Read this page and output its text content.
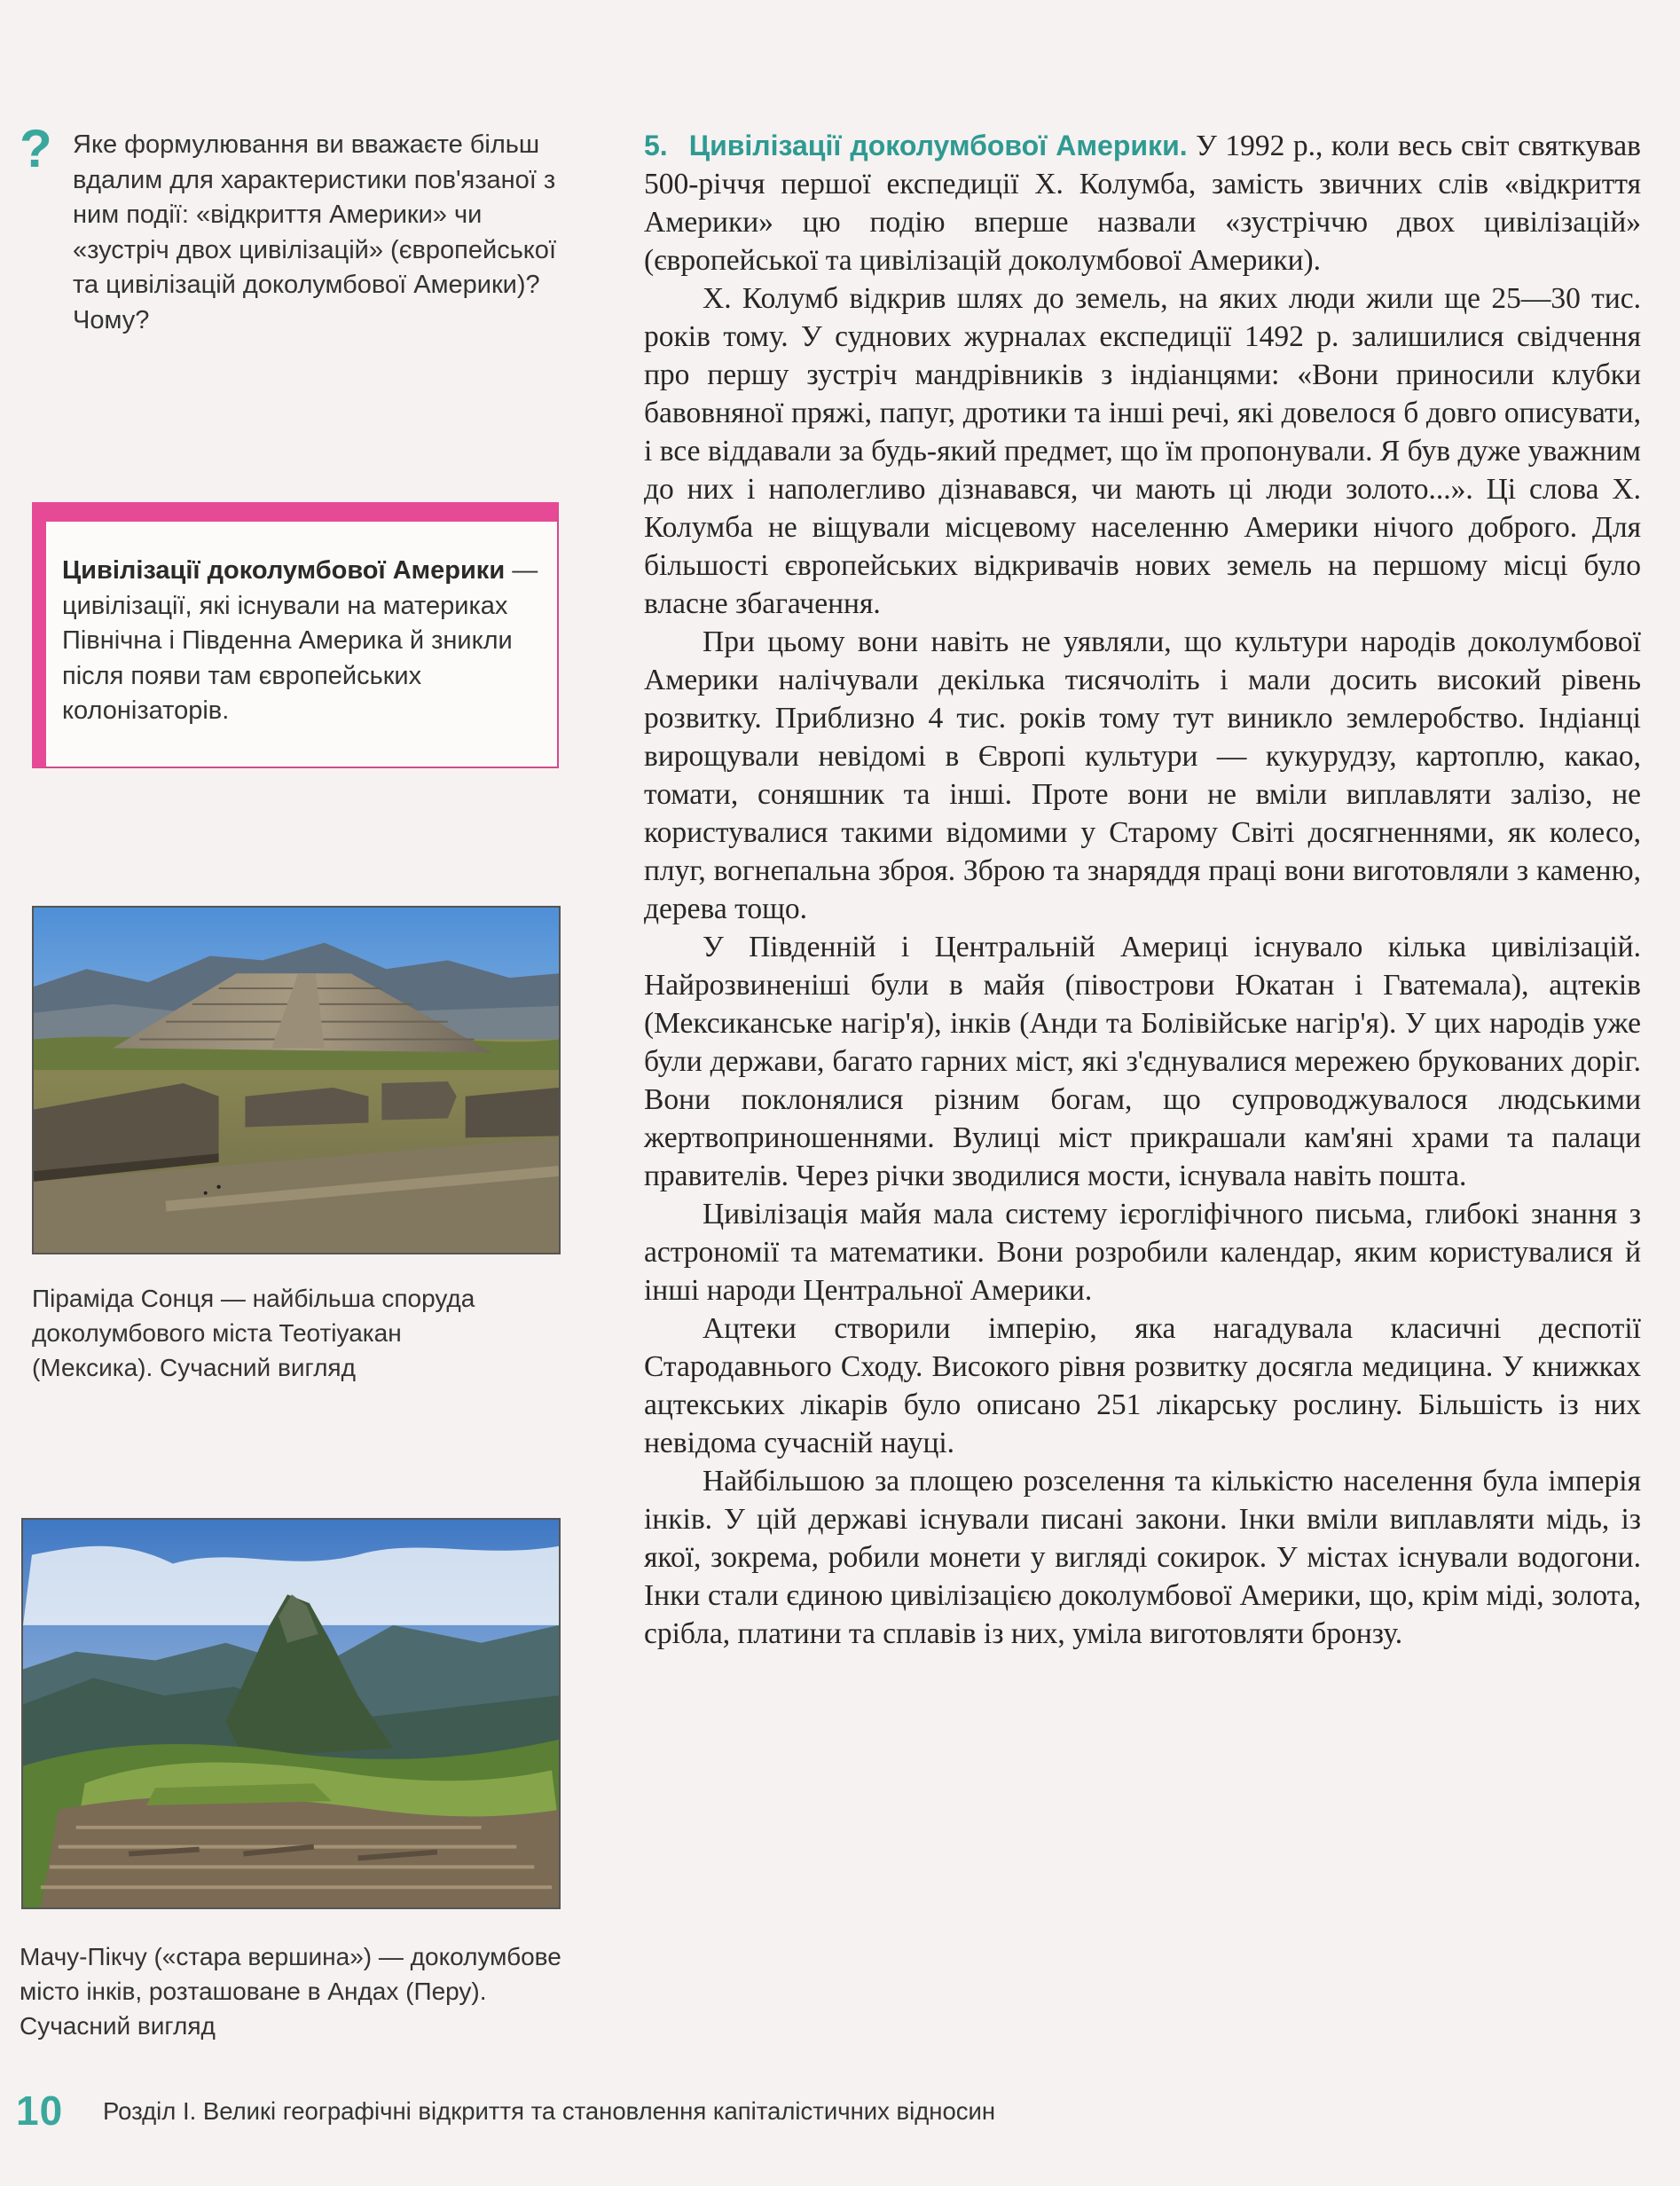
? Яке формулювання ви вважаєте більш вдалим для характеристики пов'язаної з ним події: «відкриття Америки» чи «зустріч двох цивілізацій» (європейської та цивілізацій доколумбової Америки)? Чому?
Цивілізації доколумбової Америки — цивілізації, які існували на материках Північна і Південна Америка й зникли після появи там європейських колонізаторів.
Піраміда Сонця — найбільша споруда доколумбового міста Теотіуакан (Мексика). Сучасний вигляд
Мачу-Пікчу («стара вершина») — доколумбове місто інків, розташоване в Андах (Перу). Сучасний вигляд

5. Цивілізації доколумбової Америки. У 1992 р., коли весь світ святкував 500-річчя першої експедиції Х. Колумба, замість звичних слів «відкриття Америки» цю подію вперше назвали «зустріччю двох цивілізацій» (європейської та цивілізацій доколумбової Америки).

Х. Колумб відкрив шлях до земель, на яких люди жили ще 25—30 тис. років тому. У суднових журналах експедиції 1492 р. залишилися свідчення про першу зустріч мандрівників з індіанцями: «Вони приносили клубки бавовняної пряжі, папуг, дротики та інші речі, які довелося б довго описувати, і все віддавали за будь-який предмет, що їм пропонували. Я був дуже уважним до них і наполегливо дізнавався, чи мають ці люди золото...». Ці слова Х. Колумба не віщували місцевому населенню Америки нічого доброго. Для більшості європейських відкривачів нових земель на першому місці було власне збагачення.

При цьому вони навіть не уявляли, що культури народів доколумбової Америки налічували декілька тисячоліть і мали досить високий рівень розвитку. Приблизно 4 тис. років тому тут виникло землеробство. Індіанці вирощували невідомі в Європі культури — кукурудзу, картоплю, какао, томати, соняшник та інші. Проте вони не вміли виплавляти залізо, не користувалися такими відомими у Старому Світі досягненнями, як колесо, плуг, вогнепальна зброя. Зброю та знаряддя праці вони виготовляли з каменю, дерева тощо.

У Південній і Центральній Америці існувало кілька цивілізацій. Найрозвиненіші були в майя (півострови Юкатан і Гватемала), ацтеків (Мексиканське нагір'я), інків (Анди та Болівійське нагір'я). У цих народів уже були держави, багато гарних міст, які з'єднувалися мережею брукованих доріг. Вони поклонялися різним богам, що супроводжувалося людськими жертвоприношеннями. Вулиці міст прикрашали кам'яні храми та палаци правителів. Через річки зводилися мости, існувала навіть пошта.

Цивілізація майя мала систему ієрогліфічного письма, глибокі знання з астрономії та математики. Вони розробили календар, яким користувалися й інші народи Центральної Америки.

Ацтеки створили імперію, яка нагадувала класичні деспотії Стародавнього Сходу. Високого рівня розвитку досягла медицина. У книжках ацтекських лікарів було описано 251 лікарську рослину. Більшість із них невідома сучасній науці.

Найбільшою за площею розселення та кількістю населення була імперія інків. У цій державі існували писані закони. Інки вміли виплавляти мідь, із якої, зокрема, робили монети у вигляді сокирок. У містах існували водогони. Інки стали єдиною цивілізацією доколумбової Америки, що, крім міді, золота, срібла, платини та сплавів із них, уміла виготовляти бронзу.

10 Розділ I. Великі географічні відкриття та становлення капіталістичних відносин
